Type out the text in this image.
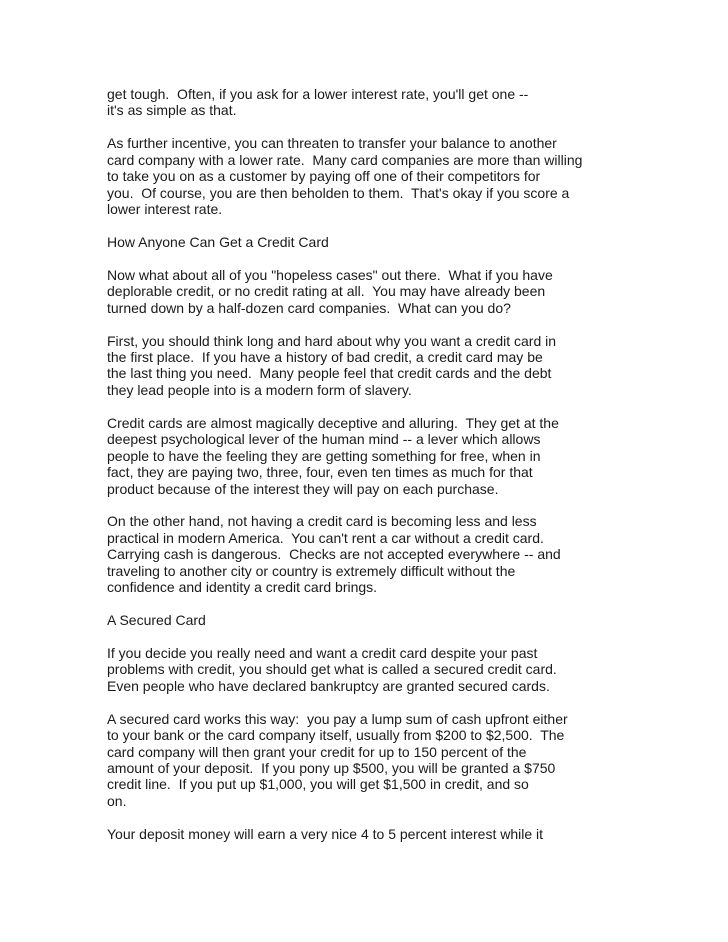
get tough.  Often, if you ask for a lower interest rate, you'll get one --
it's as simple as that.
As further incentive, you can threaten to transfer your balance to another
card company with a lower rate.  Many card companies are more than willing
to take you on as a customer by paying off one of their competitors for
you.  Of course, you are then beholden to them.  That's okay if you score a
lower interest rate.
How Anyone Can Get a Credit Card
Now what about all of you "hopeless cases" out there.  What if you have
deplorable credit, or no credit rating at all.  You may have already been
turned down by a half-dozen card companies.  What can you do?
First, you should think long and hard about why you want a credit card in
the first place.  If you have a history of bad credit, a credit card may be
the last thing you need.  Many people feel that credit cards and the debt
they lead people into is a modern form of slavery.
Credit cards are almost magically deceptive and alluring.  They get at the
deepest psychological lever of the human mind -- a lever which allows
people to have the feeling they are getting something for free, when in
fact, they are paying two, three, four, even ten times as much for that
product because of the interest they will pay on each purchase.
On the other hand, not having a credit card is becoming less and less
practical in modern America.  You can't rent a car without a credit card.
Carrying cash is dangerous.  Checks are not accepted everywhere -- and
traveling to another city or country is extremely difficult without the
confidence and identity a credit card brings.
A Secured Card
If you decide you really need and want a credit card despite your past
problems with credit, you should get what is called a secured credit card.
Even people who have declared bankruptcy are granted secured cards.
A secured card works this way:  you pay a lump sum of cash upfront either
to your bank or the card company itself, usually from $200 to $2,500.  The
card company will then grant your credit for up to 150 percent of the
amount of your deposit.  If you pony up $500, you will be granted a $750
credit line.  If you put up $1,000, you will get $1,500 in credit, and so
on.
Your deposit money will earn a very nice 4 to 5 percent interest while it
